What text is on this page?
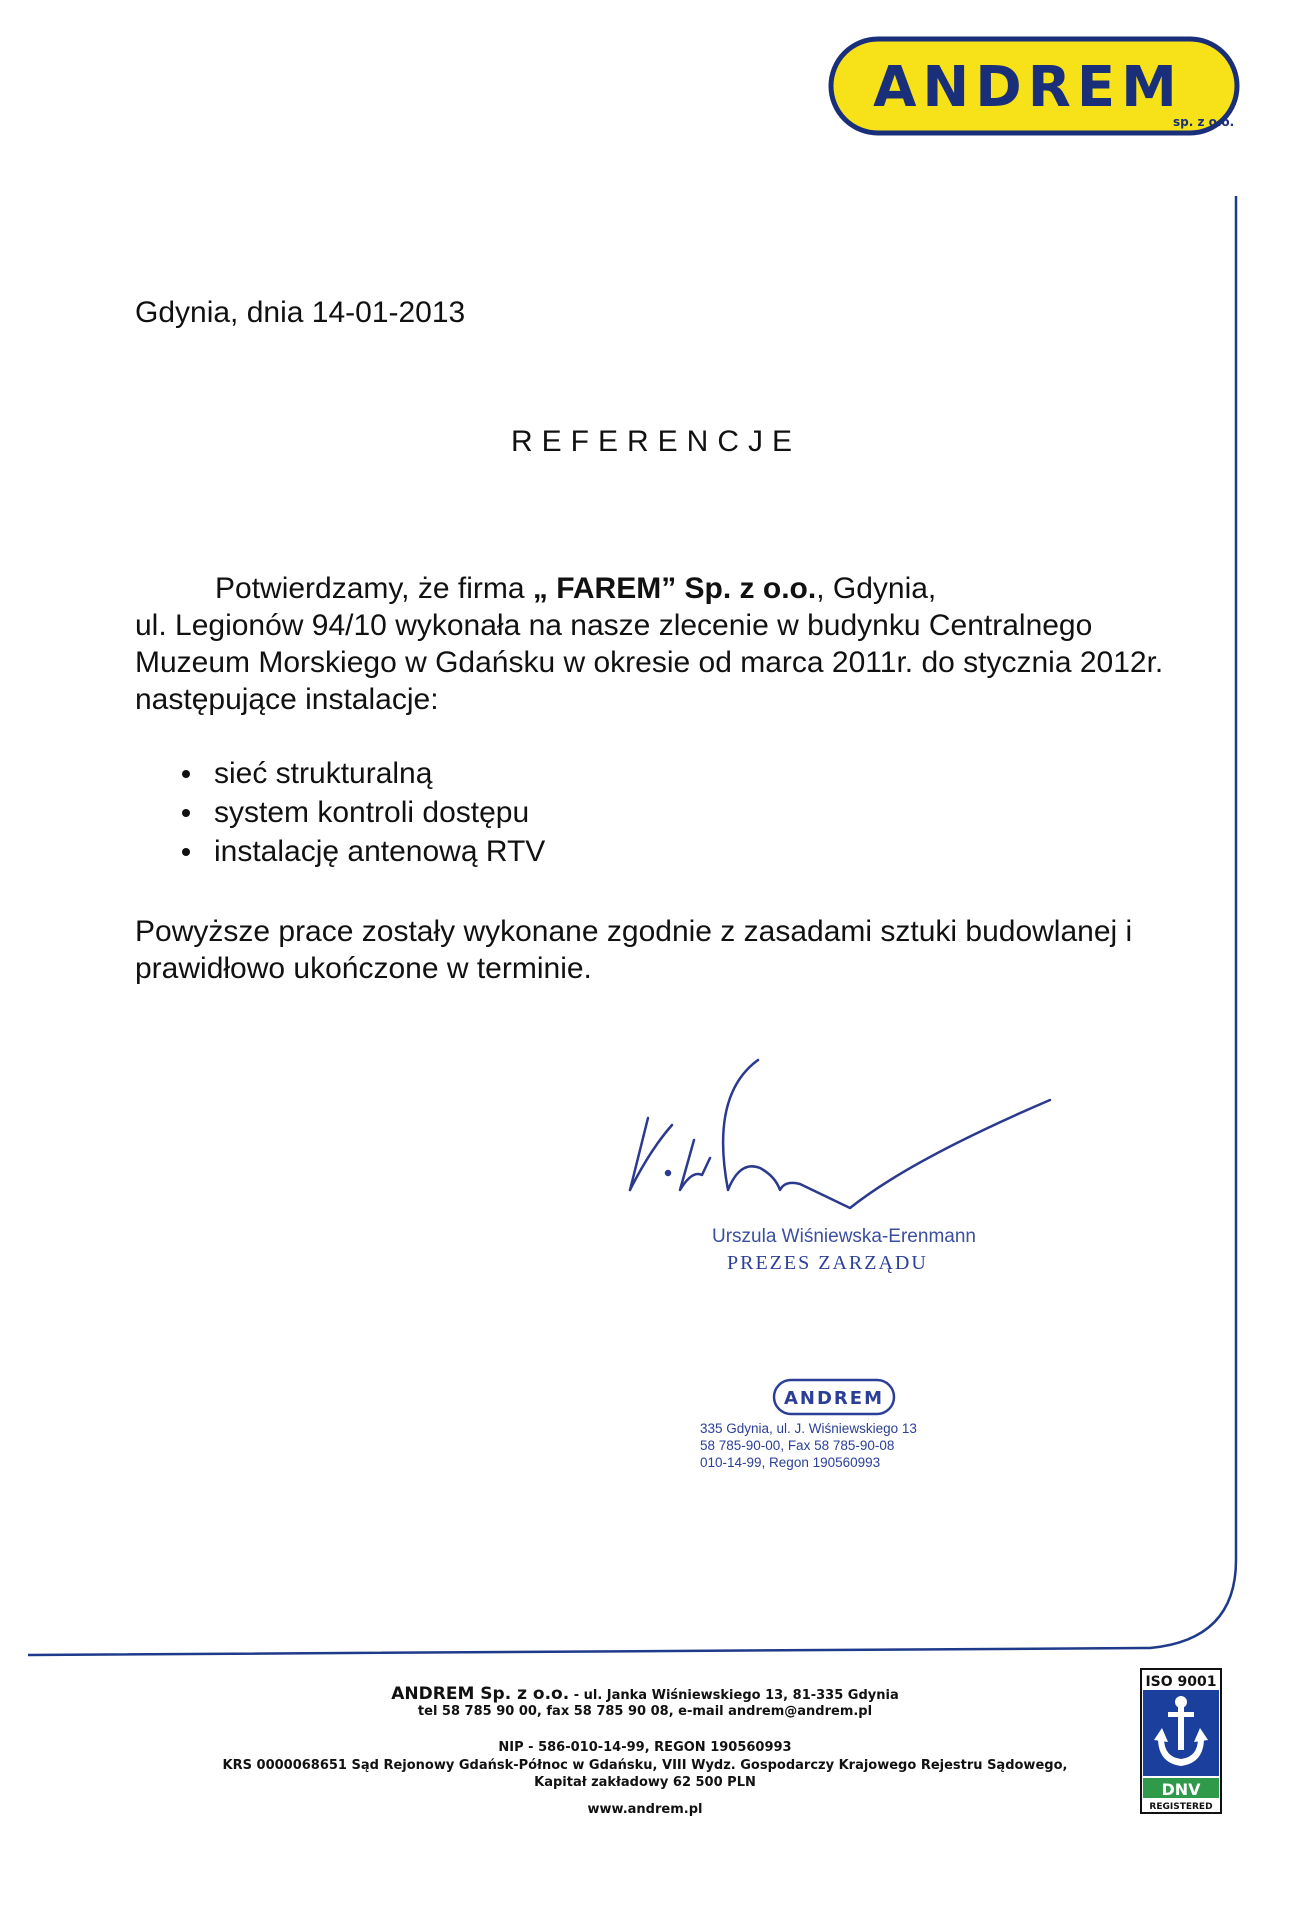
ANDREM
sp. z o.o.
Gdynia, dnia 14-01-2013
REFERENCJE
Potwierdzamy, że firma „ FAREM” Sp. z o.o., Gdynia,
ul. Legionów 94/10 wykonała na nasze zlecenie w budynku Centralnego Muzeum Morskiego w Gdańsku w okresie od marca 2011r. do stycznia 2012r. następujące instalacje:
sieć strukturalną
system kontroli dostępu
instalację antenową RTV
Powyższe prace zostały wykonane zgodnie z zasadami sztuki budowlanej i prawidłowo ukończone w terminie.
Urszula Wiśniewska-Erenmann
PREZES ZARZĄDU
ANDREM
335 Gdynia, ul. J. Wiśniewskiego 13
58 785-90-00, Fax 58 785-90-08
010-14-99, Regon 190560993
ANDREM Sp. z o.o. - ul. Janka Wiśniewskiego 13, 81-335 Gdynia
tel 58 785 90 00, fax 58 785 90 08, e-mail andrem@andrem.pl
NIP - 586-010-14-99, REGON 190560993
KRS 0000068651 Sąd Rejonowy Gdańsk-Północ w Gdańsku, VIII Wydz. Gospodarczy Krajowego Rejestru Sądowego,
Kapitał zakładowy 62 500 PLN
www.andrem.pl
ISO 9001
DNV
REGISTERED
